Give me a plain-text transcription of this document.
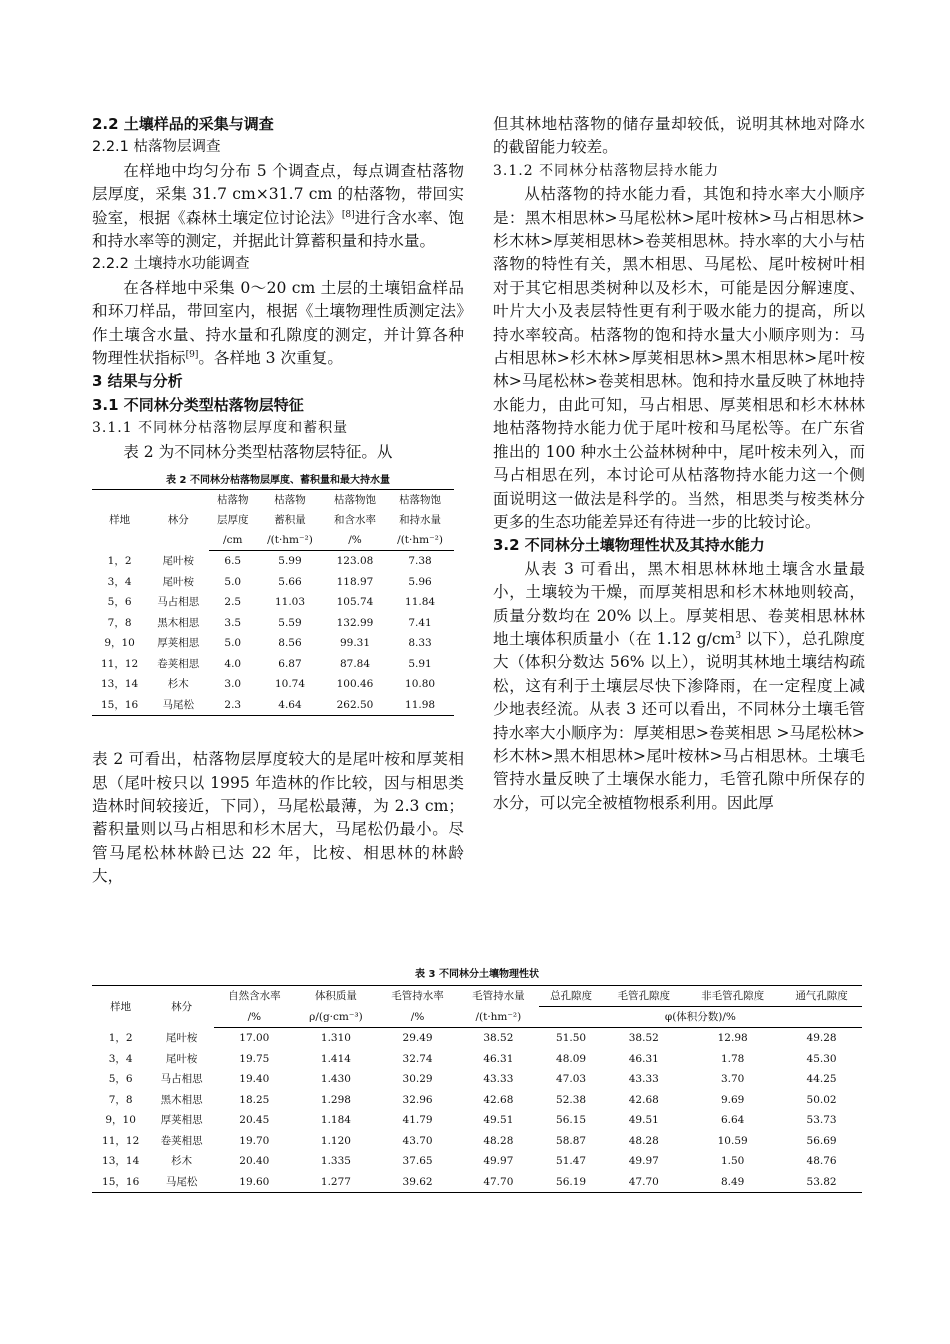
2.2 土壤样品的采集与调查

2.2.1 枯落物层调查

在样地中均匀分布 5 个调查点，每点调查枯落物层厚度，采集 31.7 cm×31.7 cm 的枯落物，带回实验室，根据《森林土壤定位讨论法》[8]进行含水率、饱和持水率等的测定，并据此计算蓄积量和持水量。

2.2.2 土壤持水功能调查

在各样地中采集 0～20 cm 土层的土壤铝盒样品和环刀样品，带回室内，根据《土壤物理性质测定法》作土壤含水量、持水量和孔隙度的测定，并计算各种物理性状指标[9]。各样地 3 次重复。

3 结果与分析

3.1 不同林分类型枯落物层特征

3.1.1 不同林分枯落物层厚度和蓄积量

表 2 为不同林分类型枯落物层特征。从

表 2 不同林分枯落物层厚度、蓄积量和最大持水量
样地	林分	枯落物	枯落物	枯落物饱	枯落物饱
		层厚度	蓄积量	和含水率	和持水量
		/cm	/(t·hm⁻²)	/%	/(t·hm⁻²)
1，2	尾叶桉	6.5	5.99	123.08	7.38
3，4	尾叶桉	5.0	5.66	118.97	5.96
5，6	马占相思	2.5	11.03	105.74	11.84
7，8	黑木相思	3.5	5.59	132.99	7.41
9，10	厚荚相思	5.0	8.56	99.31	8.33
11，12	卷荚相思	4.0	6.87	87.84	5.91
13，14	杉木	3.0	10.74	100.46	10.80
15，16	马尾松	2.3	4.64	262.50	11.98

表 2 可看出，枯落物层厚度较大的是尾叶桉和厚荚相思（尾叶桉只以 1995 年造林的作比较，因与相思类造林时间较接近，下同），马尾松最薄，为 2.3 cm；蓄积量则以马占相思和杉木居大，马尾松仍最小。尽管马尾松林林龄已达 22 年，比桉、相思林的林龄大，

但其林地枯落物的储存量却较低，说明其林地对降水的截留能力较差。

3.1.2 不同林分枯落物层持水能力

从枯落物的持水能力看，其饱和持水率大小顺序是：黑木相思林>马尾松林>尾叶桉林>马占相思林>杉木林>厚荚相思林>卷荚相思林。持水率的大小与枯落物的特性有关，黑木相思、马尾松、尾叶桉树叶相对于其它相思类树种以及杉木，可能是因分解速度、叶片大小及表层特性更有利于吸水能力的提高，所以持水率较高。枯落物的饱和持水量大小顺序则为：马占相思林>杉木林>厚荚相思林>黑木相思林>尾叶桉林>马尾松林>卷荚相思林。饱和持水量反映了林地持水能力，由此可知，马占相思、厚荚相思和杉木林林地枯落物持水能力优于尾叶桉和马尾松等。在广东省推出的 100 种水土公益林树种中，尾叶桉未列入，而马占相思在列，本讨论可从枯落物持水能力这一个侧面说明这一做法是科学的。当然，相思类与桉类林分更多的生态功能差异还有待进一步的比较讨论。

3.2 不同林分土壤物理性状及其持水能力

从表 3 可看出，黑木相思林林地土壤含水量最小，土壤较为干燥，而厚荚相思和杉木林地则较高，质量分数均在 20% 以上。厚荚相思、卷荚相思林林地土壤体积质量小（在 1.12 $g/cm^3$ 以下），总孔隙度大（体积分数达 56% 以上），说明其林地土壤结构疏松，这有利于土壤层尽快下渗降雨，在一定程度上减少地表经流。从表 3 还可以看出，不同林分土壤毛管持水率大小顺序为：厚荚相思>卷荚相思 >马尾松林>杉木林>黑木相思林>尾叶桉林>马占相思林。土壤毛管持水量反映了土壤保水能力，毛管孔隙中所保存的水分，可以完全被植物根系利用。因此厚

表 3 不同林分土壤物理性状
样地	林分	自然含水率	体积质量	毛管持水率	毛管持水量	总孔隙度	毛管孔隙度	非毛管孔隙度	通气孔隙度
		/%	ρ/(g·cm⁻³)	/%	/(t·hm⁻²)	φ(体积分数)/%			
1，2	尾叶桉	17.00	1.310	29.49	38.52	51.50	38.52	12.98	49.28
3，4	尾叶桉	19.75	1.414	32.74	46.31	48.09	46.31	1.78	45.30
5，6	马占相思	19.40	1.430	30.29	43.33	47.03	43.33	3.70	44.25
7，8	黑木相思	18.25	1.298	32.96	42.68	52.38	42.68	9.69	50.02
9，10	厚荚相思	20.45	1.184	41.79	49.51	56.15	49.51	6.64	53.73
11，12	卷荚相思	19.70	1.120	43.70	48.28	58.87	48.28	10.59	56.69
13，14	杉木	20.40	1.335	37.65	49.97	51.47	49.97	1.50	48.76
15，16	马尾松	19.60	1.277	39.62	47.70	56.19	47.70	8.49	53.82
